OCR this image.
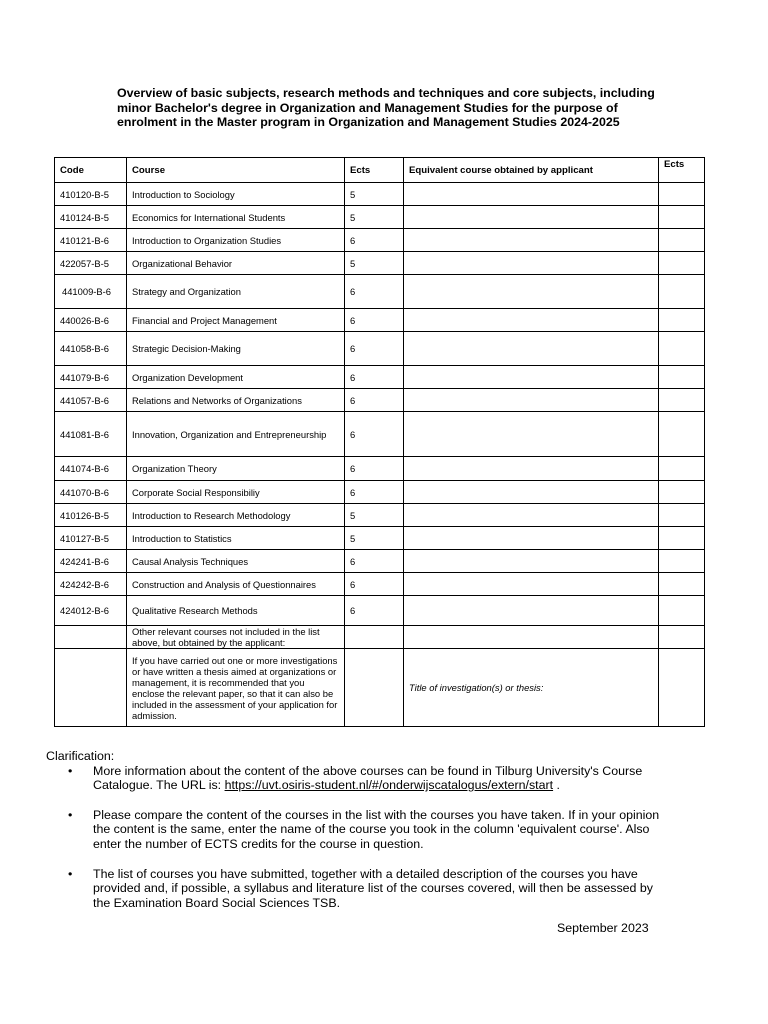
Overview of basic subjects, research methods and techniques and core subjects, including minor Bachelor's degree in Organization and Management Studies for the purpose of enrolment in the Master program in Organization and Management Studies 2024-2025
Code	Course	Ects	Equivalent course obtained by applicant	Ects
410120-B-5	Introduction to Sociology	5		
410124-B-5	Economics for International Students	5		
410121-B-6	Introduction to Organization Studies	6		
422057-B-5	Organizational Behavior	5		
441009-B-6	Strategy and Organization	6		
440026-B-6	Financial and Project Management	6		
441058-B-6	Strategic Decision-Making	6		
441079-B-6	Organization Development	6		
441057-B-6	Relations and Networks of Organizations	6		
441081-B-6	Innovation, Organization and Entrepreneurship	6		
441074-B-6	Organization Theory	6		
441070-B-6	Corporate Social Responsibiliy	6		
410126-B-5	Introduction to Research Methodology	5		
410127-B-5	Introduction to Statistics	5		
424241-B-6	Causal Analysis Techniques	6		
424242-B-6	Construction and Analysis of Questionnaires	6		
424012-B-6	Qualitative Research Methods	6		
	Other relevant courses not included in the list above, but obtained by the applicant:			
	If you have carried out one or more investigations or have written a thesis aimed at organizations or management, it is recommended that you enclose the relevant paper, so that it can also be included in the assessment of your application for admission.		Title of investigation(s) or thesis:	
Clarification:
• More information about the content of the above courses can be found in Tilburg University's Course Catalogue. The URL is: https://uvt.osiris-student.nl/#/onderwijscatalogus/extern/start .
• Please compare the content of the courses in the list with the courses you have taken. If in your opinion the content is the same, enter the name of the course you took in the column 'equivalent course'. Also enter the number of ECTS credits for the course in question.
• The list of courses you have submitted, together with a detailed description of the courses you have provided and, if possible, a syllabus and literature list of the courses covered, will then be assessed by the Examination Board Social Sciences TSB.
September 2023
